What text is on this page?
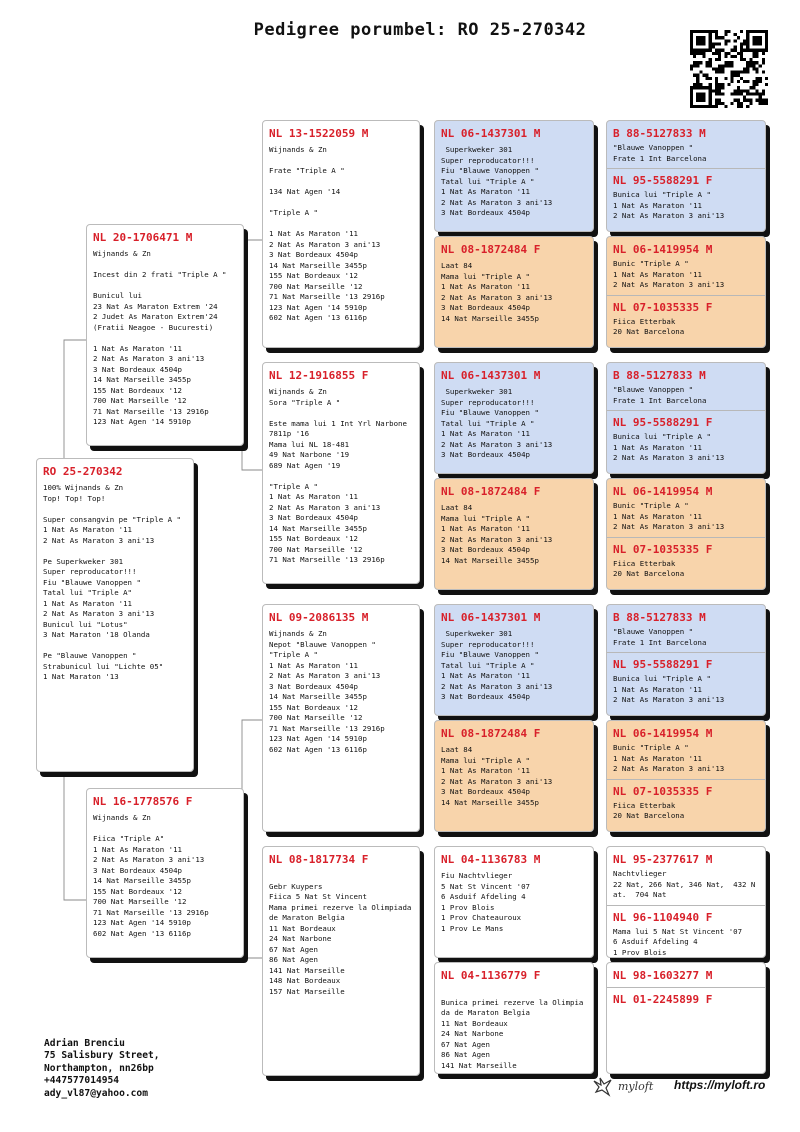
Pedigree porumbel: RO 25-270342
RO 25-270342
100% Wijnands & Zn
Top! Top! Top!

Super consangvin pe "Triple A "
1 Nat As Maraton '11
2 Nat As Maraton 3 ani'13

Pe Superkweker 301
Super reproducator!!!
Fiu "Blauwe Vanoppen "
Tatal lui "Triple A"
1 Nat As Maraton '11
2 Nat As Maraton 3 ani'13
Bunicul lui "Lotus"
3 Nat Maraton '18 Olanda

Pe "Blauwe Vanoppen "
Strabunicul lui "Lichte 05"
1 Nat Maraton '13
NL 20-1706471 M
Wijnands & Zn

Incest din 2 frati "Triple A "

Bunicul lui
23 Nat As Maraton Extrem '24
2 Judet As Maraton Extrem'24
(Fratii Neagoe - Bucuresti)

1 Nat As Maraton '11
2 Nat As Maraton 3 ani'13
3 Nat Bordeaux 4504p
14 Nat Marseille 3455p
155 Nat Bordeaux '12
700 Nat Marseille '12
71 Nat Marseille '13 2916p
123 Nat Agen '14 5910p
NL 16-1778576 F
Wijnands & Zn

Fiica "Triple A"
1 Nat As Maraton '11
2 Nat As Maraton 3 ani'13
3 Nat Bordeaux 4504p
14 Nat Marseille 3455p
155 Nat Bordeaux '12
700 Nat Marseille '12
71 Nat Marseille '13 2916p
123 Nat Agen '14 5910p
602 Nat Agen '13 6116p
NL 13-1522059 M
Wijnands & Zn

Frate "Triple A "

134 Nat Agen '14

"Triple A "

1 Nat As Maraton '11
2 Nat As Maraton 3 ani'13
3 Nat Bordeaux 4504p
14 Nat Marseille 3455p
155 Nat Bordeaux '12
700 Nat Marseille '12
71 Nat Marseille '13 2916p
123 Nat Agen '14 5910p
602 Nat Agen '13 6116p
NL 12-1916855 F
Wijnands & Zn
Sora "Triple A "

Este mama lui 1 Int Yrl Narbone
7811p '16
Mama lui NL 18-481
49 Nat Narbone '19
689 Nat Agen '19

"Triple A "
1 Nat As Maraton '11
2 Nat As Maraton 3 ani'13
3 Nat Bordeaux 4504p
14 Nat Marseille 3455p
155 Nat Bordeaux '12
700 Nat Marseille '12
71 Nat Marseille '13 2916p
NL 09-2086135 M
Wijnands & Zn
Nepot "Blauwe Vanoppen "
"Triple A "
1 Nat As Maraton '11
2 Nat As Maraton 3 ani'13
3 Nat Bordeaux 4504p
14 Nat Marseille 3455p
155 Nat Bordeaux '12
700 Nat Marseille '12
71 Nat Marseille '13 2916p
123 Nat Agen '14 5910p
602 Nat Agen '13 6116p
NL 08-1817734 F

Gebr Kuypers
Fiica 5 Nat St Vincent
Mama primei rezerve la Olimpiada
de Maraton Belgia
11 Nat Bordeaux
24 Nat Narbone
67 Nat Agen
86 Nat Agen
141 Nat Marseille
148 Nat Bordeaux
157 Nat Marseille
NL 06-1437301 M
Superkweker 301
Super reproducator!!!
Fiu "Blauwe Vanoppen "
Tatal lui "Triple A "
1 Nat As Maraton '11
2 Nat As Maraton 3 ani'13
3 Nat Bordeaux 4504p
NL 08-1872484 F
Laat 84
Mama lui "Triple A "
1 Nat As Maraton '11
2 Nat As Maraton 3 ani'13
3 Nat Bordeaux 4504p
14 Nat Marseille 3455p
NL 06-1437301 M
Superkweker 301
Super reproducator!!!
Fiu "Blauwe Vanoppen "
Tatal lui "Triple A "
1 Nat As Maraton '11
2 Nat As Maraton 3 ani'13
3 Nat Bordeaux 4504p
NL 08-1872484 F
Laat 84
Mama lui "Triple A "
1 Nat As Maraton '11
2 Nat As Maraton 3 ani'13
3 Nat Bordeaux 4504p
14 Nat Marseille 3455p
NL 06-1437301 M
Superkweker 301
Super reproducator!!!
Fiu "Blauwe Vanoppen "
Tatal lui "Triple A "
1 Nat As Maraton '11
2 Nat As Maraton 3 ani'13
3 Nat Bordeaux 4504p
NL 08-1872484 F
Laat 84
Mama lui "Triple A "
1 Nat As Maraton '11
2 Nat As Maraton 3 ani'13
3 Nat Bordeaux 4504p
14 Nat Marseille 3455p
NL 04-1136783 M
Fiu Nachtvlieger
5 Nat St Vincent '07
6 Asduif Afdeling 4
1 Prov Blois
1 Prov Chateauroux
1 Prov Le Mans
NL 04-1136779 F

Bunica primei rezerve la Olimpia
da de Maraton Belgia
11 Nat Bordeaux
24 Nat Narbone
67 Nat Agen
86 Nat Agen
141 Nat Marseille
B 88-5127833 M
"Blauwe Vanoppen "
Frate 1 Int Barcelona
NL 95-5588291 F
Bunica lui "Triple A "
1 Nat As Maraton '11
2 Nat As Maraton 3 ani'13
NL 06-1419954 M
Bunic "Triple A "
1 Nat As Maraton '11
2 Nat As Maraton 3 ani'13
NL 07-1035335 F
Fiica Etterbak
20 Nat Barcelona
B 88-5127833 M
"Blauwe Vanoppen "
Frate 1 Int Barcelona
NL 95-5588291 F
Bunica lui "Triple A "
1 Nat As Maraton '11
2 Nat As Maraton 3 ani'13
NL 06-1419954 M
Bunic "Triple A "
1 Nat As Maraton '11
2 Nat As Maraton 3 ani'13
NL 07-1035335 F
Fiica Etterbak
20 Nat Barcelona
B 88-5127833 M
"Blauwe Vanoppen "
Frate 1 Int Barcelona
NL 95-5588291 F
Bunica lui "Triple A "
1 Nat As Maraton '11
2 Nat As Maraton 3 ani'13
NL 06-1419954 M
Bunic "Triple A "
1 Nat As Maraton '11
2 Nat As Maraton 3 ani'13
NL 07-1035335 F
Fiica Etterbak
20 Nat Barcelona
NL 95-2377617 M
Nachtvlieger
22 Nat, 266 Nat, 346 Nat,  432 N
at.  704 Nat
NL 96-1104940 F
Mama lui 5 Nat St Vincent '07
6 Asduif Afdeling 4
1 Prov Blois
NL 98-1603277 M
NL 01-2245899 F
Adrian Brenciu
75 Salisbury Street,
Northampton, nn26bp
+447577014954
ady_vl87@yahoo.com
myloft https://myloft.ro
